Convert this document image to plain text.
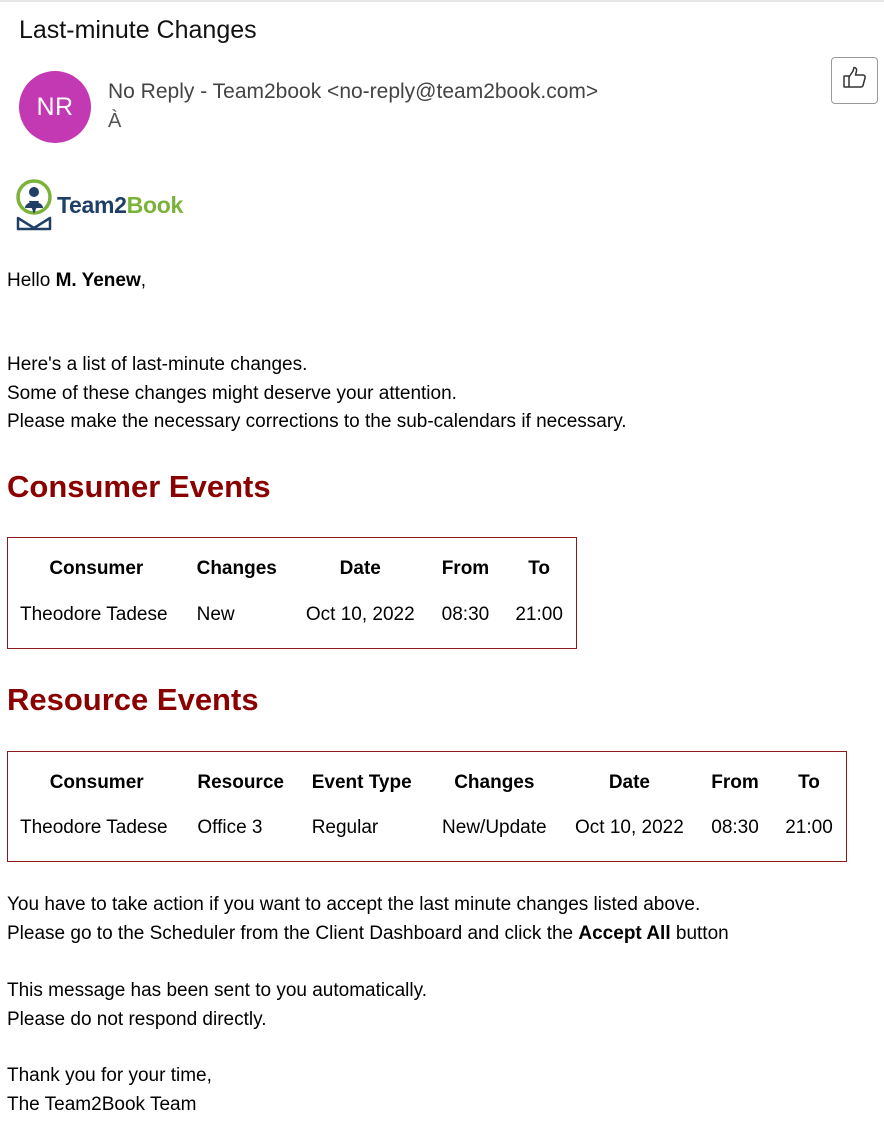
Last-minute Changes
NR
No Reply - Team2book <no-reply@team2book.com>
À
Team2Book
Hello M. Yenew,
Here's a list of last-minute changes.
Some of these changes might deserve your attention.
Please make the necessary corrections to the sub-calendars if necessary.
Consumer Events
Consumer	Changes	Date	From	To
Theodore Tadese	New	Oct 10, 2022	08:30	21:00
Resource Events
Consumer	Resource	Event Type	Changes	Date	From	To
Theodore Tadese	Office 3	Regular	New/Update	Oct 10, 2022	08:30	21:00
You have to take action if you want to accept the last minute changes listed above.
Please go to the Scheduler from the Client Dashboard and click the Accept All button
This message has been sent to you automatically.
Please do not respond directly.
Thank you for your time,
The Team2Book Team
